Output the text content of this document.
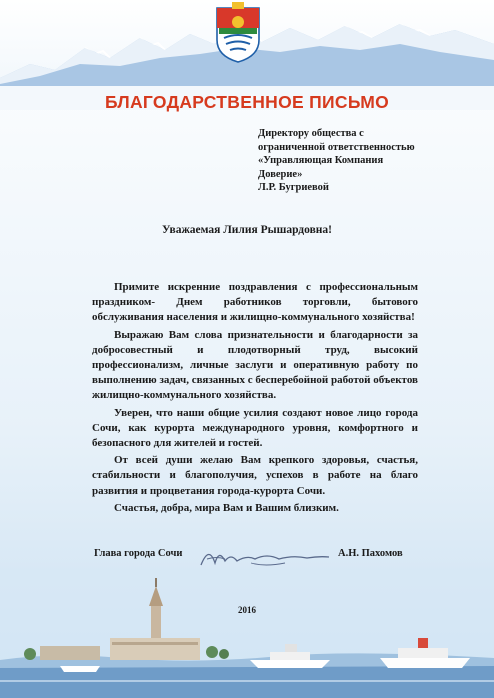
БЛАГОДАРСТВЕННОЕ ПИСЬМО
Директору общества с
ограниченной ответственностью
«Управляющая Компания
Доверие»
Л.Р. Бугриевой
Уважаемая Лилия Рышардовна!

Примите искренние поздравления с профессиональным праздником- Днем работников торговли, бытового обслуживания населения и жилищно-коммунального хозяйства!

Выражаю Вам слова признательности и благодарности за добросовестный и плодотворный труд, высокий профессионализм, личные заслуги и оперативную работу по выполнению задач, связанных с бесперебойной работой объектов жилищно-коммунального хозяйства.

Уверен, что наши общие усилия создают новое лицо города Сочи, как курорта международного уровня, комфортного и безопасного для жителей и гостей.

От всей души желаю Вам крепкого здоровья, счастья, стабильности и благополучия, успехов в работе на благо развития и процветания города-курорта Сочи.

Счастья, добра, мира Вам и Вашим близким.

Глава города Сочи	А.Н. Пахомов
2016
